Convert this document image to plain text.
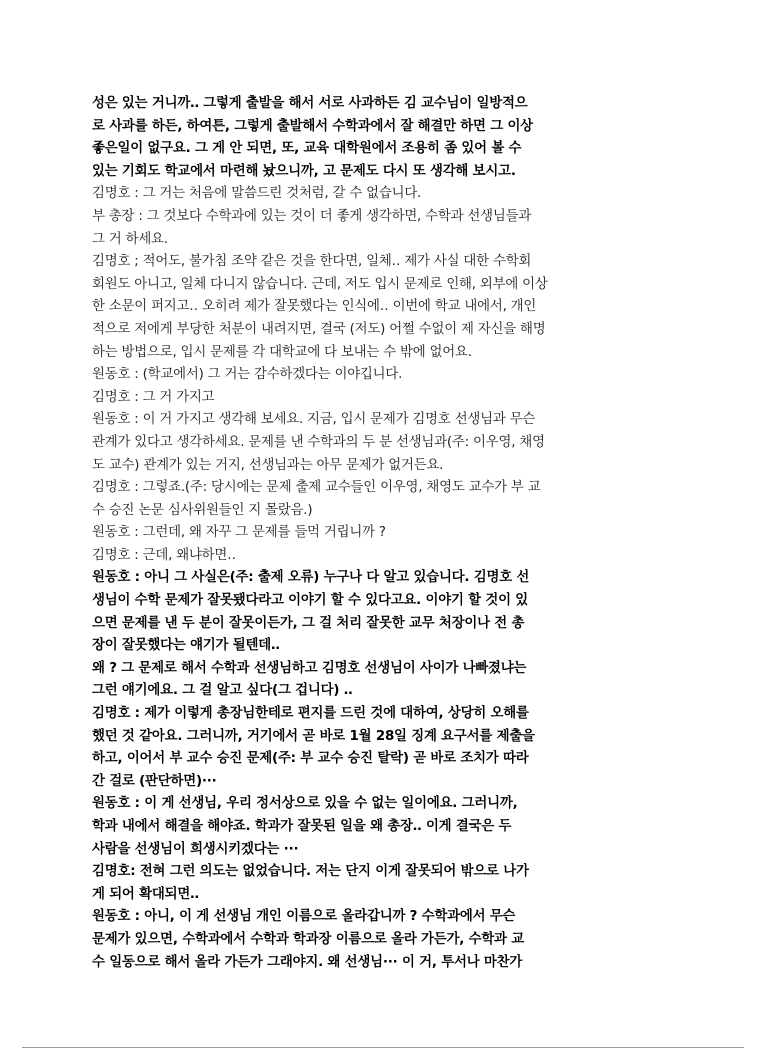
성은 있는 거니까‥ 그렇게 출발을 해서 서로 사과하든 김 교수님이 일방적으
로 사과를 하든, 하여튼, 그렇게 출발해서 수학과에서 잘 해결만 하면 그 이상
좋은일이 없구요. 그 게 안 되면, 또, 교육 대학원에서 조용히 좀 있어 볼 수
있는 기회도 학교에서 마련해 놨으니까, 고 문제도 다시 또 생각해 보시고.
김명호 : 그 거는 처음에 말씀드린 것처럼, 갈 수 없습니다.
부 총장 : 그 것보다 수학과에 있는 것이 더 좋게 생각하면, 수학과 선생님들과
그 거 하세요.
김명호 ; 적어도, 불가침 조약 같은 것을 한다면, 일체‥ 제가 사실 대한 수학회
회원도 아니고, 일체 다니지 않습니다. 근데, 저도 입시 문제로 인해, 외부에 이상
한 소문이 퍼지고‥ 오히려 제가 잘못했다는 인식에‥ 이번에 학교 내에서, 개인
적으로 저에게 부당한 처분이 내려지면, 결국 (저도) 어쩔 수없이 제 자신을 해명
하는 방법으로, 입시 문제를 각 대학교에 다 보내는 수 밖에 없어요.
원동호 : (학교에서) 그 거는 감수하겠다는 이야깁니다.
김명호 : 그 거 가지고
원동호 : 이 거 가지고 생각해 보세요. 지금, 입시 문제가 김명호 선생님과 무슨
관계가 있다고 생각하세요. 문제를 낸 수학과의 두 분 선생님과(주: 이우영, 채영
도 교수) 관계가 있는 거지, 선생님과는 아무 문제가 없거든요.
김명호 : 그렇죠.(주: 당시에는 문제 출제 교수들인 이우영, 채영도 교수가 부 교
수 승진 논문 심사위원들인 지 몰랐음.)
원동호 : 그런데, 왜 자꾸 그 문제를 들먹 거립니까 ?
김명호 : 근데, 왜냐하면‥
원동호 : 아니 그 사실은(주: 출제 오류) 누구나 다 알고 있습니다. 김명호 선
생님이 수학 문제가 잘못됐다라고 이야기 할 수 있다고요. 이야기 할 것이 있
으면 문제를 낸 두 분이 잘못이든가, 그 걸 처리 잘못한 교무 처장이나 전 총
장이 잘못했다는 얘기가 될텐데‥
왜 ? 그 문제로 해서 수학과 선생님하고 김명호 선생님이 사이가 나빠졌냐는
그런 얘기에요. 그 걸 알고 싶다(그 겁니다) ‥
김명호 : 제가 이렇게 총장님한테로 편지를 드린 것에 대하여, 상당히 오해를
했던 것 같아요. 그러니까, 거기에서 곧 바로 1월 28일 징계 요구서를 제출을
하고, 이어서 부 교수 승진 문제(주: 부 교수 승진 탈락) 곧 바로 조치가 따라
간 걸로 (판단하면)···
원동호 : 이 게 선생님, 우리 정서상으로 있을 수 없는 일이에요. 그러니까,
학과 내에서 해결을 해야죠. 학과가 잘못된 일을 왜 총장‥ 이게 결국은 두
사람을 선생님이 희생시키겠다는 ···
김명호: 전혀 그런 의도는 없었습니다. 저는 단지 이게 잘못되어 밖으로 나가
게 되어 확대되면‥
원동호 : 아니, 이 게 선생님 개인 이름으로 올라갑니까 ? 수학과에서 무슨
문제가 있으면, 수학과에서 수학과 학과장 이름으로 올라 가든가, 수학과 교
수 일동으로 해서 올라 가든가 그래야지. 왜 선생님··· 이 거, 투서나 마찬가
